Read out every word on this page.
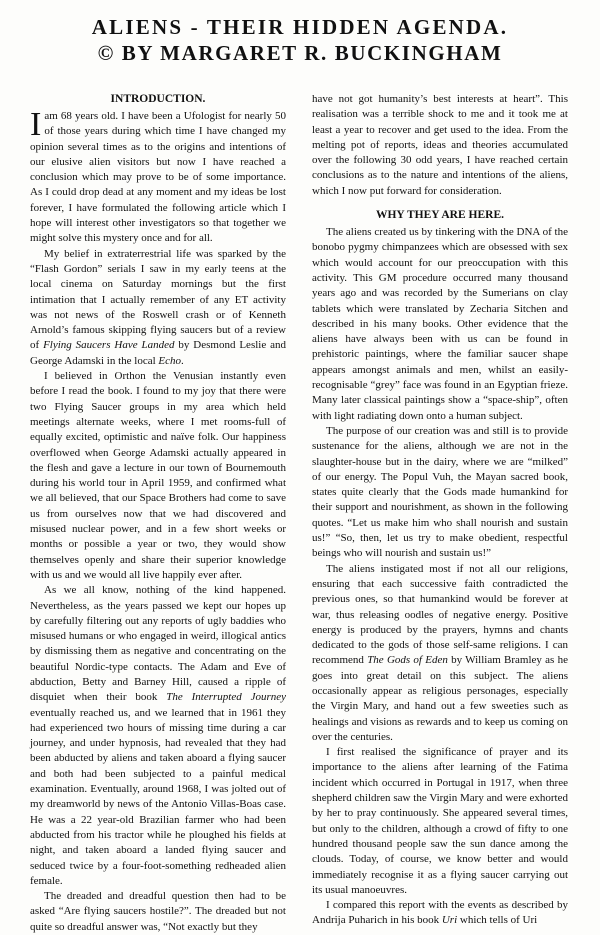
ALIENS - THEIR HIDDEN AGENDA.
© BY MARGARET R. BUCKINGHAM
INTRODUCTION.

Iam 68 years old. I have been a Ufologist for nearly 50 of those years during which time I have changed my opinion several times as to the origins and intentions of our elusive alien visitors but now I have reached a conclusion which may prove to be of some importance. As I could drop dead at any moment and my ideas be lost forever, I have formulated the following article which I hope will interest other investigators so that together we might solve this mystery once and for all.

My belief in extraterrestrial life was sparked by the “Flash Gordon” serials I saw in my early teens at the local cinema on Saturday mornings but the first intimation that I actually remember of any ET activity was not news of the Roswell crash or of Kenneth Arnold’s famous skipping flying saucers but of a review of Flying Saucers Have Landed by Desmond Leslie and George Adamski in the local Echo.

I believed in Orthon the Venusian instantly even before I read the book. I found to my joy that there were two Flying Saucer groups in my area which held meetings alternate weeks, where I met rooms-full of equally excited, optimistic and naïve folk. Our happiness overflowed when George Adamski actually appeared in the flesh and gave a lecture in our town of Bournemouth during his world tour in April 1959, and confirmed what we all believed, that our Space Brothers had come to save us from ourselves now that we had discovered and misused nuclear power, and in a few short weeks or months or possible a year or two, they would show themselves openly and share their superior knowledge with us and we would all live happily ever after.

As we all know, nothing of the kind happened. Nevertheless, as the years passed we kept our hopes up by carefully filtering out any reports of ugly baddies who misused humans or who engaged in weird, illogical antics by dismissing them as negative and concentrating on the beautiful Nordic-type contacts. The Adam and Eve of abduction, Betty and Barney Hill, caused a ripple of disquiet when their book The Interrupted Journey eventually reached us, and we learned that in 1961 they had experienced two hours of missing time during a car journey, and under hypnosis, had revealed that they had been abducted by aliens and taken aboard a flying saucer and both had been subjected to a painful medical examination. Eventually, around 1968, I was jolted out of my dreamworld by news of the Antonio Villas-Boas case. He was a 22 year-old Brazilian farmer who had been abducted from his tractor while he ploughed his fields at night, and taken aboard a landed flying saucer and seduced twice by a four-foot-something redheaded alien female.

The dreaded and dreadful question then had to be asked “Are flying saucers hostile?”. The dreaded but not quite so dreadful answer was, “Not exactly but they

have not got humanity’s best interests at heart”. This realisation was a terrible shock to me and it took me at least a year to recover and get used to the idea. From the melting pot of reports, ideas and theories accumulated over the following 30 odd years, I have reached certain conclusions as to the nature and intentions of the aliens, which I now put forward for consideration.

WHY THEY ARE HERE.

The aliens created us by tinkering with the DNA of the bonobo pygmy chimpanzees which are obsessed with sex which would account for our preoccupation with this activity. This GM procedure occurred many thousand years ago and was recorded by the Sumerians on clay tablets which were translated by Zecharia Sitchen and described in his many books. Other evidence that the aliens have always been with us can be found in prehistoric paintings, where the familiar saucer shape appears amongst animals and men, whilst an easily-recognisable “grey” face was found in an Egyptian frieze. Many later classical paintings show a “space-ship”, often with light radiating down onto a human subject.

The purpose of our creation was and still is to provide sustenance for the aliens, although we are not in the slaughter-house but in the dairy, where we are “milked” of our energy. The Popul Vuh, the Mayan sacred book, states quite clearly that the Gods made humankind for their support and nourishment, as shown in the following quotes. “Let us make him who shall nourish and sustain us!” “So, then, let us try to make obedient, respectful beings who will nourish and sustain us!”

The aliens instigated most if not all our religions, ensuring that each successive faith contradicted the previous ones, so that humankind would be forever at war, thus releasing oodles of negative energy. Positive energy is produced by the prayers, hymns and chants dedicated to the gods of those self-same religions. I can recommend The Gods of Eden by William Bramley as he goes into great detail on this subject. The aliens occasionally appear as religious personages, especially the Virgin Mary, and hand out a few sweeties such as healings and visions as rewards and to keep us coming on over the centuries.

I first realised the significance of prayer and its importance to the aliens after learning of the Fatima incident which occurred in Portugal in 1917, when three shepherd children saw the Virgin Mary and were exhorted by her to pray continuously. She appeared several times, but only to the children, although a crowd of fifty to one hundred thousand people saw the sun dance among the clouds. Today, of course, we know better and would immediately recognise it as a flying saucer carrying out its usual manoeuvres.

I compared this report with the events as described by Andrija Puharich in his book Uri which tells of Uri
